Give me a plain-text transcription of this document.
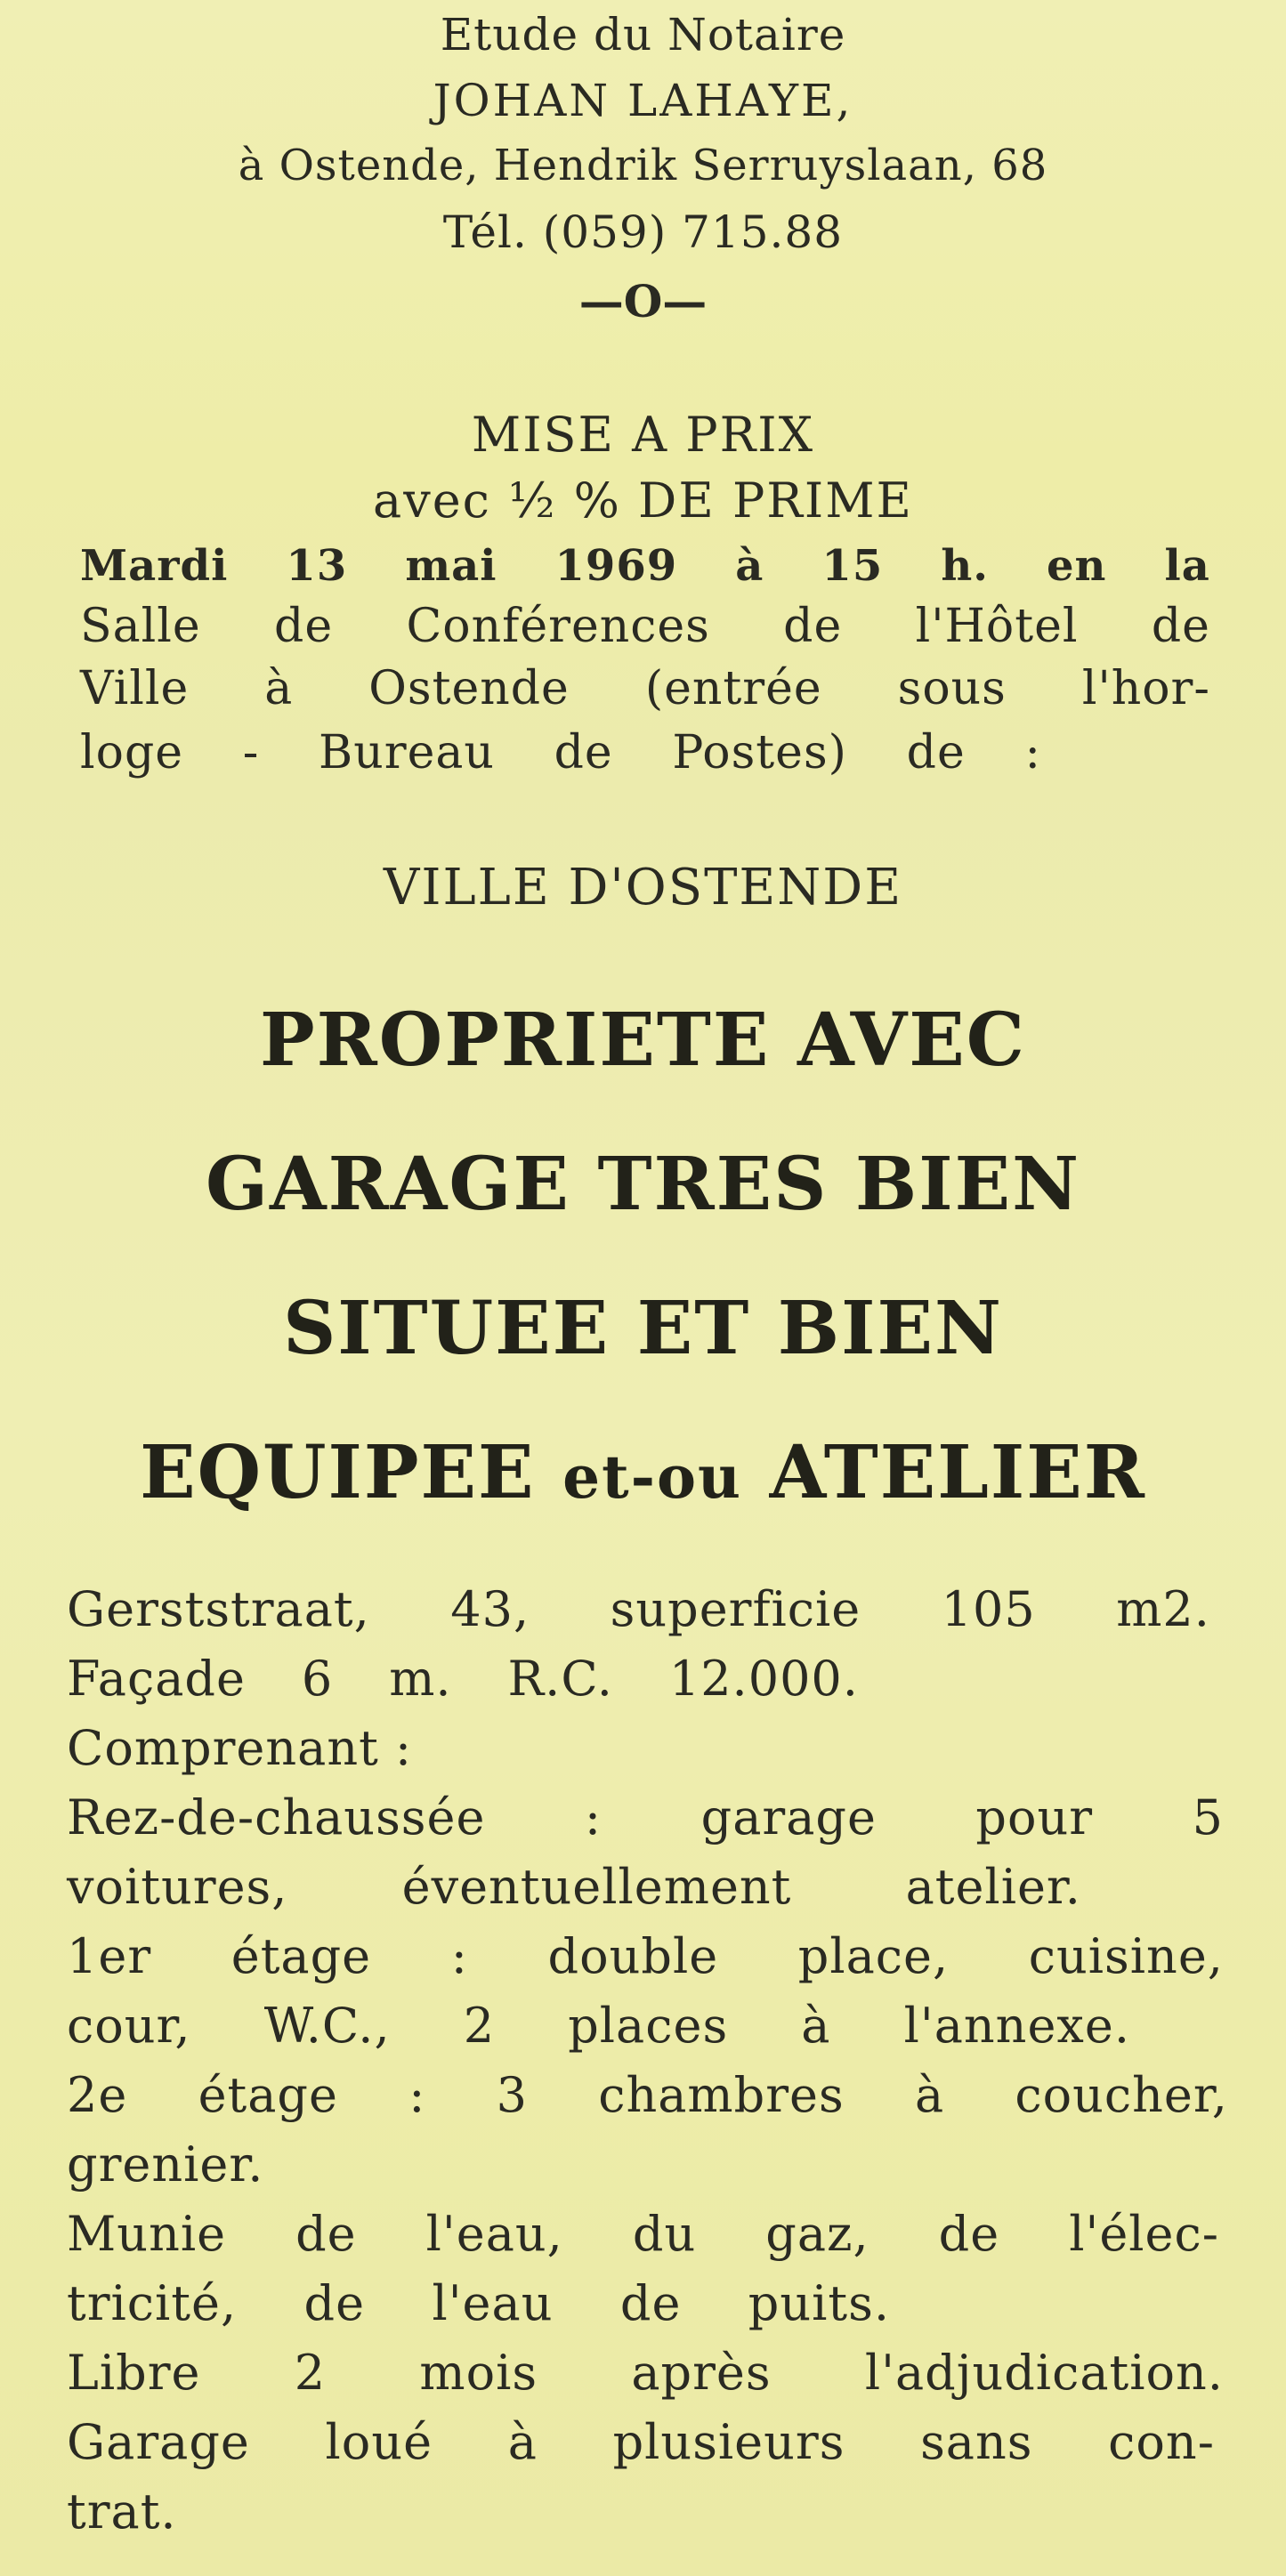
Etude du Notaire

JOHAN LAHAYE,

à Ostende, Hendrik Serruyslaan, 68

Tél. (059) 715.88

—O—

MISE A PRIX

avec ½ % DE PRIME

Mardi 13 mai 1969 à 15 h. en la
Salle de Conférences de l'Hôtel de
Ville à Ostende (entrée sous l'hor-
loge - Bureau de Postes) de :

VILLE D'OSTENDE

PROPRIETE AVEC

GARAGE TRES BIEN

SITUEE ET BIEN

EQUIPEE et-ou ATELIER

Gerststraat, 43, superficie 105 m2.
Façade 6 m. R.C. 12.000.
Comprenant :
Rez-de-chaussée : garage pour 5
voitures, éventuellement atelier.
1er étage : double place, cuisine,
cour, W.C., 2 places à l'annexe.
2e étage : 3 chambres à coucher,
grenier.
Munie de l'eau, du gaz, de l'élec-
tricité, de l'eau de puits.
Libre 2 mois après l'adjudication.
Garage loué à plusieurs sans con-
trat.
